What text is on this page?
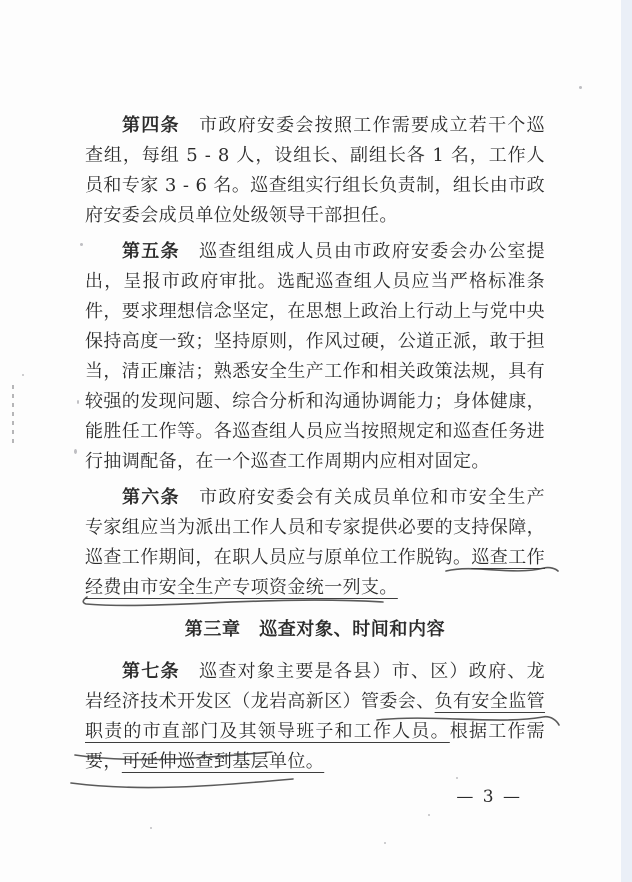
第四条　市政府安委会按照工作需要成立若干个巡查组，每组 5 - 8 人，设组长、副组长各 1 名，工作人员和专家 3 - 6 名。巡查组实行组长负责制，组长由市政府安委会成员单位处级领导干部担任。
第五条　巡查组组成人员由市政府安委会办公室提出，呈报市政府审批。选配巡查组人员应当严格标准条件，要求理想信念坚定，在思想上政治上行动上与党中央保持高度一致；坚持原则，作风过硬，公道正派，敢于担当，清正廉洁；熟悉安全生产工作和相关政策法规，具有较强的发现问题、综合分析和沟通协调能力；身体健康，能胜任工作等。各巡查组人员应当按照规定和巡查任务进行抽调配备，在一个巡查工作周期内应相对固定。
第六条　市政府安委会有关成员单位和市安全生产专家组应当为派出工作人员和专家提供必要的支持保障，巡查工作期间，在职人员应与原单位工作脱钩。巡查工作经费由市安全生产专项资金统一列支。
第三章　巡查对象、时间和内容
第七条　巡查对象主要是各县）市、区）政府、龙岩经济技术开发区（龙岩高新区）管委会、负有安全监管职责的市直部门及其领导班子和工作人员。根据工作需要，可延伸巡查到基层单位。
— 3 —
